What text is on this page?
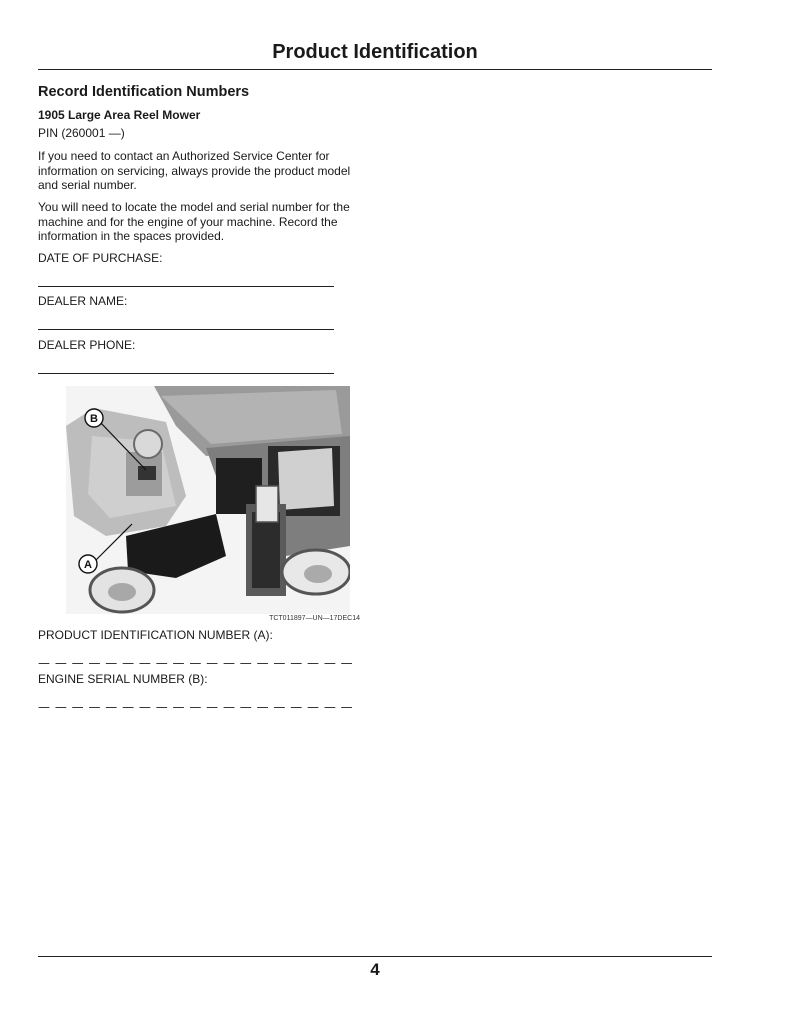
Product Identification
Record Identification Numbers
1905 Large Area Reel Mower

PIN (260001 —)

If you need to contact an Authorized Service Center for information on servicing, always provide the product model and serial number.

You will need to locate the model and serial number for the machine and for the engine of your machine. Record the information in the spaces provided.

DATE OF PURCHASE:
DEALER NAME:
DEALER PHONE:
B
A
TCT011897—UN—17DEC14
PRODUCT IDENTIFICATION NUMBER (A):
— — — — — — — — — — — — — — — — — — —
ENGINE SERIAL NUMBER (B):
— — — — — — — — — — — — — — — — — — —
4
